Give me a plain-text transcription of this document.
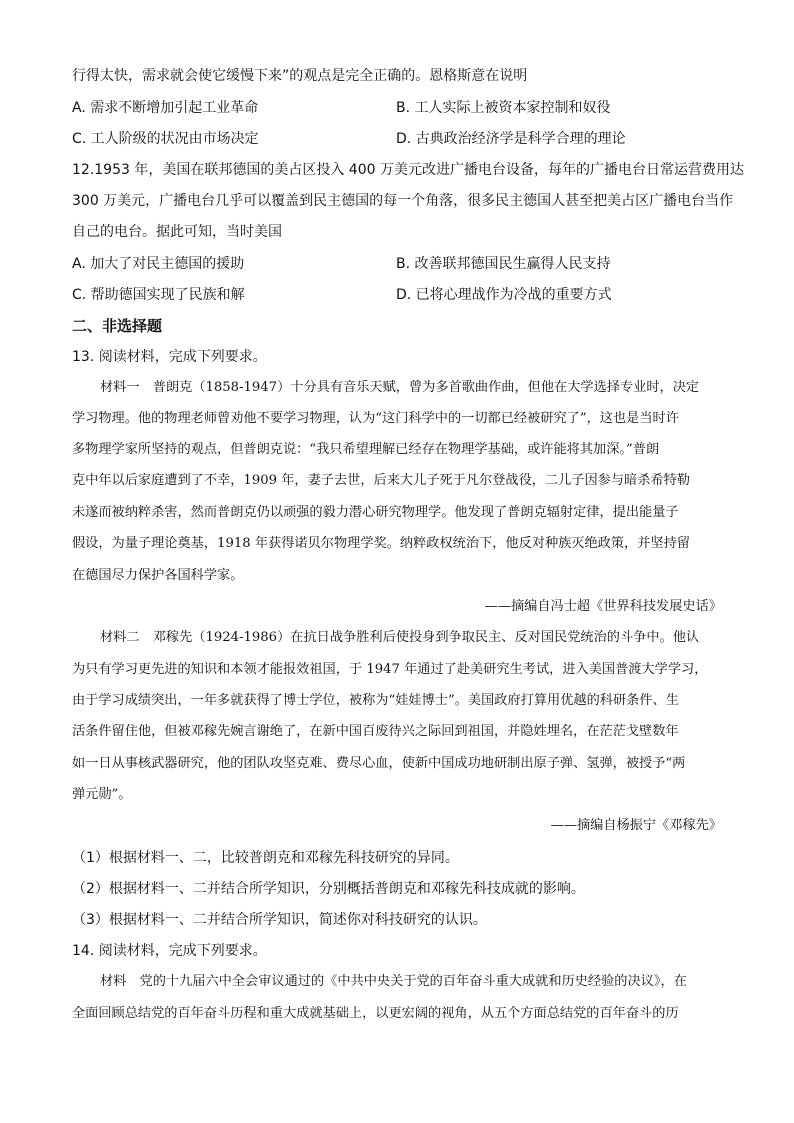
行得太快，需求就会使它缓慢下来”的观点是完全正确的。恩格斯意在说明
A. 需求不断增加引起工业革命	B. 工人实际上被资本家控制和奴役
C. 工人阶级的状况由市场决定	D. 古典政治经济学是科学合理的理论
12.1953 年，美国在联邦德国的美占区投入 400 万美元改进广播电台设备，每年的广播电台日常运营费用达
300 万美元，广播电台几乎可以覆盖到民主德国的每一个角落，很多民主德国人甚至把美占区广播电台当作
自己的电台。据此可知，当时美国
A. 加大了对民主德国的援助	B. 改善联邦德国民生赢得人民支持
C. 帮助德国实现了民族和解	D. 已将心理战作为冷战的重要方式
二、非选择题
13. 阅读材料，完成下列要求。
材料一　普朗克（1858-1947）十分具有音乐天赋，曾为多首歌曲作曲，但他在大学选择专业时，决定
学习物理。他的物理老师曾劝他不要学习物理，认为“这门科学中的一切都已经被研究了”，这也是当时许
多物理学家所坚持的观点，但普朗克说：“我只希望理解已经存在物理学基础，或许能将其加深。”普朗
克中年以后家庭遭到了不幸，1909 年，妻子去世，后来大儿子死于凡尔登战役，二儿子因参与暗杀希特勒
未遂而被纳粹杀害，然而普朗克仍以顽强的毅力潜心研究物理学。他发现了普朗克辐射定律，提出能量子
假设，为量子理论奠基，1918 年获得诺贝尔物理学奖。纳粹政权统治下，他反对种族灭绝政策，并坚持留
在德国尽力保护各国科学家。
——摘编自冯士超《世界科技发展史话》
材料二　邓稼先（1924-1986）在抗日战争胜利后使投身到争取民主、反对国民党统治的斗争中。他认
为只有学习更先进的知识和本领才能报效祖国，于 1947 年通过了赴美研究生考试，进入美国普渡大学学习，
由于学习成绩突出，一年多就获得了博士学位，被称为“娃娃博士”。美国政府打算用优越的科研条件、生
活条件留住他，但被邓稼先婉言谢绝了，在新中国百废待兴之际回到祖国，并隐姓埋名，在茫茫戈壁数年
如一日从事核武器研究，他的团队攻坚克难、费尽心血，使新中国成功地研制出原子弹、氢弹，被授予“两
弹元勋”。
——摘编自杨振宁《邓稼先》
（1）根据材料一、二，比较普朗克和邓稼先科技研究的异同。
（2）根据材料一、二并结合所学知识，分别概括普朗克和邓稼先科技成就的影响。
（3）根据材料一、二并结合所学知识，简述你对科技研究的认识。
14. 阅读材料，完成下列要求。
材料　党的十九届六中全会审议通过的《中共中央关于党的百年奋斗重大成就和历史经验的决议》，在
全面回顾总结党的百年奋斗历程和重大成就基础上，以更宏阔的视角，从五个方面总结党的百年奋斗的历
